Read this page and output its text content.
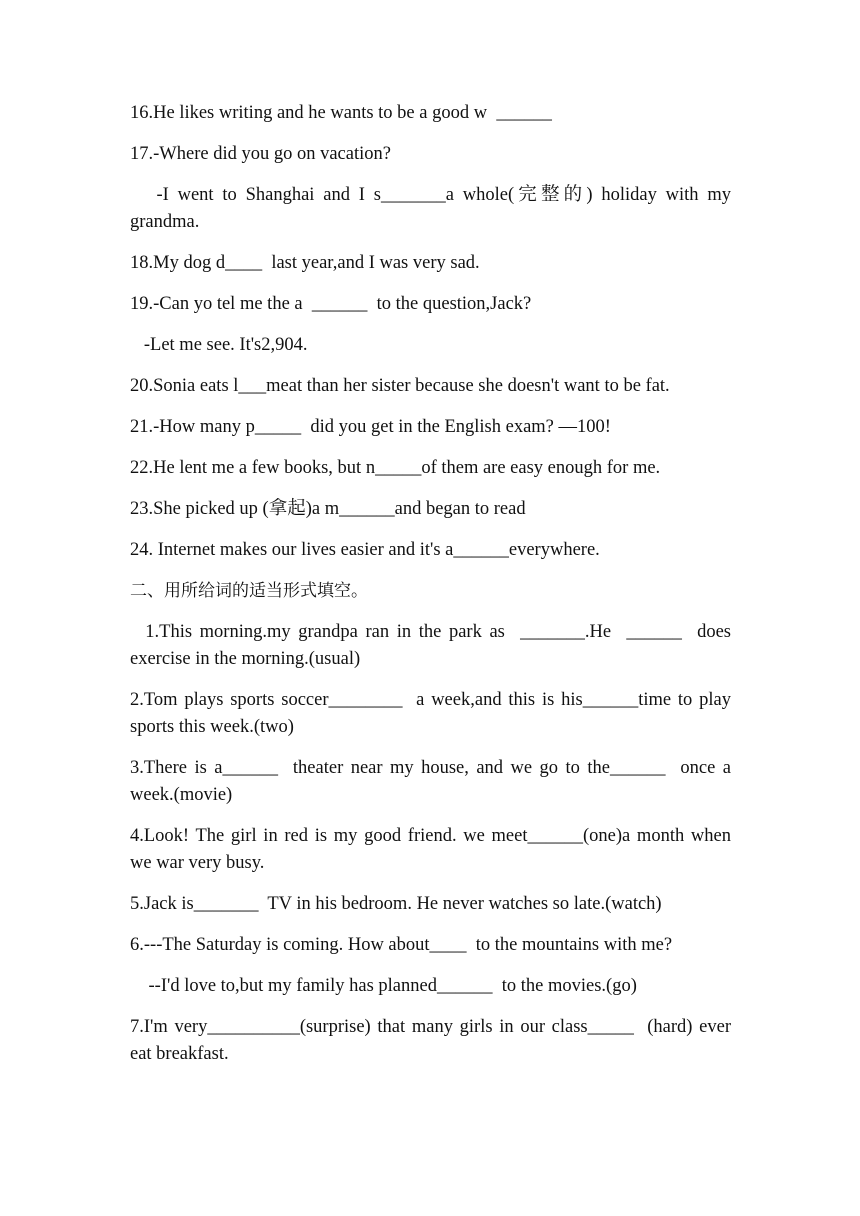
16.He likes writing and he wants to be a good w  ______
17.-Where did you go on vacation?
-I went to Shanghai and I s_______a whole(完整的) holiday with my grandma.
18.My dog d____  last year,and I was very sad.
19.-Can yo tel me the a  ______  to the question,Jack?
-Let me see. It's2,904.
20.Sonia eats l___meat than her sister because she doesn't want to be fat.
21.-How many p_____  did you get in the English exam? —100!
22.He lent me a few books, but n_____of them are easy enough for me.
23.She picked up (拿起)a m______and began to read
24. Internet makes our lives easier and it's a______everywhere.
二、用所给词的适当形式填空。
1.This morning.my grandpa ran in the park as  _______.He  ______  does exercise in the morning.(usual)
2.Tom plays sports soccer________  a week,and this is his______time to play sports this week.(two)
3.There is a______  theater near my house, and we go to the______  once a week.(movie)
4.Look! The girl in red is my good friend. we meet______(one)a month when we war very busy.
5.Jack is_______  TV in his bedroom. He never watches so late.(watch)
6.---The Saturday is coming. How about____  to the mountains with me?
--I'd love to,but my family has planned______  to the movies.(go)
7.I'm very__________(surprise) that many girls in our class_____  (hard) ever eat breakfast.
